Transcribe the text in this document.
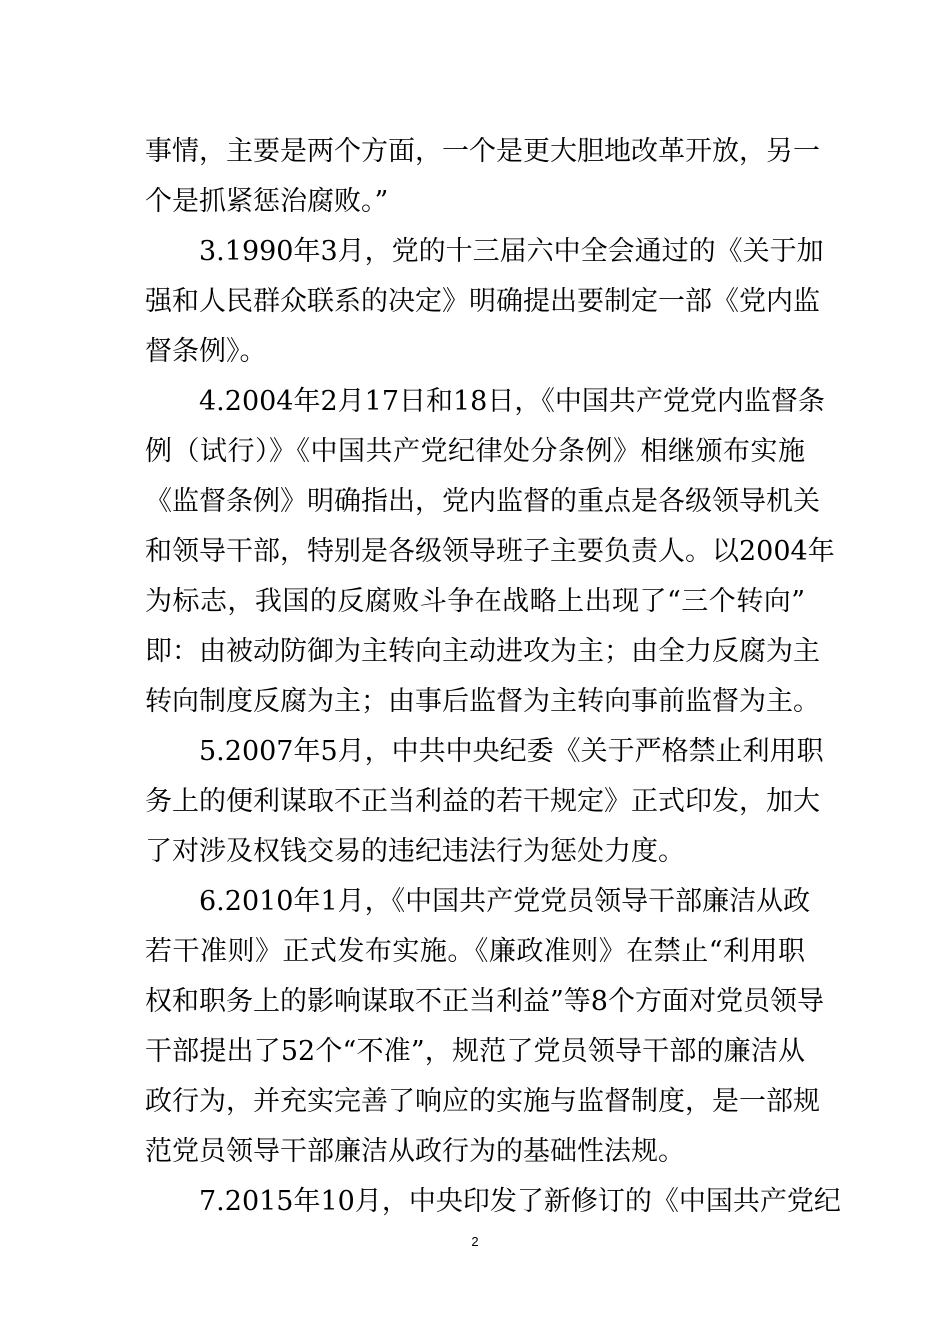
事情，主要是两个方面，一个是更大胆地改革开放，另一
个是抓紧惩治腐败。”
3.1990年3月，党的十三届六中全会通过的《关于加
强和人民群众联系的决定》明确提出要制定一部《党内监
督条例》。
4.2004年2月17日和18日，《中国共产党党内监督条
例（试行）》《中国共产党纪律处分条例》相继颁布实施
《监督条例》明确指出，党内监督的重点是各级领导机关
和领导干部，特别是各级领导班子主要负责人。以2004年
为标志，我国的反腐败斗争在战略上出现了“三个转向”
即：由被动防御为主转向主动进攻为主；由全力反腐为主
转向制度反腐为主；由事后监督为主转向事前监督为主。
5.2007年5月，中共中央纪委《关于严格禁止利用职
务上的便利谋取不正当利益的若干规定》正式印发，加大
了对涉及权钱交易的违纪违法行为惩处力度。
6.2010年1月，《中国共产党党员领导干部廉洁从政
若干准则》正式发布实施。《廉政准则》在禁止“利用职
权和职务上的影响谋取不正当利益”等8个方面对党员领导
干部提出了52个“不准”，规范了党员领导干部的廉洁从
政行为，并充实完善了响应的实施与监督制度，是一部规
范党员领导干部廉洁从政行为的基础性法规。
7.2015年10月，中央印发了新修订的《中国共产党纪
2
